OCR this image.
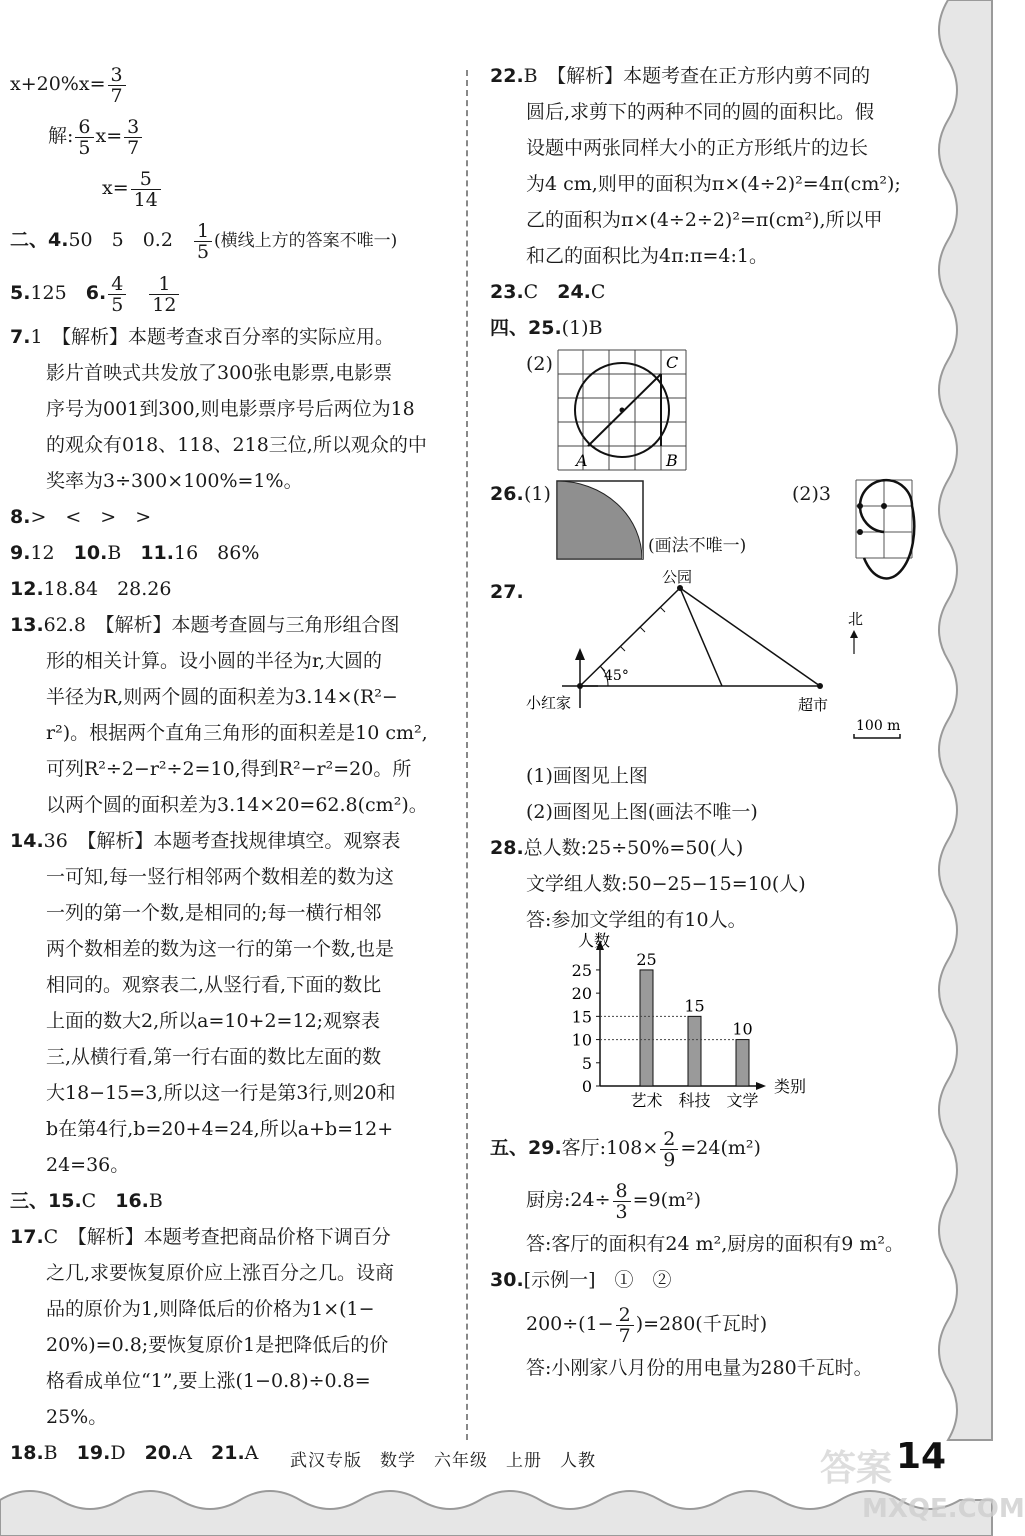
$x+20\%x= \frac{3}{7}$
解: $\frac{6}{5} x= \frac{3}{7}$
$x= \frac{5}{14}$
二、4.50　5　0.2　 $\frac{1}{5}$ (横线上方的答案不唯一)
5.125　 6. $\frac{4}{5}$
　 $\frac{1}{12}$
7.1　【解析】本题考查求百分率的实际应用。
影片首映式共发放了300张电影票,电影票
序号为001到300,则电影票序号后两位为18
的观众有018、118、218三位,所以观众的中
奖率为3÷300×100%=1%。
8.>　<　>　>
9.12　 10.B　 11.16　86%
12.18.84　28.26
13.62.8　【解析】本题考查圆与三角形组合图
形的相关计算。设小圆的半径为r,大圆的
半径为R,则两个圆的面积差为3.14×(R²−
r²)。根据两个直角三角形的面积差是10 cm²,
可列R²÷2−r²÷2=10,得到R²−r²=20。所
以两个圆的面积差为3.14×20=62.8(cm²)。
14.36　【解析】本题考查找规律填空。观察表
一可知,每一竖行相邻两个数相差的数为这
一列的第一个数,是相同的;每一横行相邻
两个数相差的数为这一行的第一个数,也是
相同的。观察表二,从竖行看,下面的数比
上面的数大2,所以a=10+2=12;观察表
三,从横行看,第一行右面的数比左面的数
大18−15=3,所以这一行是第3行,则20和
b在第4行,b=20+4=24,所以a+b=12+
24=36。
三、15.C　 16.B
17.C　【解析】本题考查把商品价格下调百分
之几,求要恢复原价应上涨百分之几。设商
品的原价为1,则降低后的价格为1×(1−
20%)=0.8;要恢复原价1是把降低后的价
格看成单位“1”,要上涨(1−0.8)÷0.8=
25%。
18.B　 19.D　 20.A　 21.A
22.B　【解析】本题考查在正方形内剪不同的
圆后,求剪下的两种不同的圆的面积比。假
设题中两张同样大小的正方形纸片的边长
为4 cm,则甲的面积为π×(4÷2)²=4π(cm²);
乙的面积为π×(4÷2÷2)²=π(cm²),所以甲
和乙的面积比为4π:π=4:1。
23.C　 24.C
四、25.(1)B
(2)	C
A	B
26. (1)
(画法不唯一)
(2)3
27.
公园
小红家	超市
45°
北
100 m
(1)画图见上图
(2)画图见上图(画法不唯一)
28.总人数:25÷50%=50(人)
文学组人数:50−25−15=10(人)
答:参加文学组的有10人。
人数
类别
0
5
10
15
20
25
25
艺术
15
科技
10
文学
五、29.客厅:108× $\frac{2}{9} =24(m^2)$
厨房:24÷ $\frac{8}{3} =9(m^2)$
答:客厅的面积有24 m²,厨房的面积有9 m²。
30.[示例一]　①　②
$200\div(1- \frac{2}{7} )=280$(千瓦时)
答:小刚家八月份的用电量为280千瓦时。
武汉专版　数学　六年级　上册　人教	答案 14
MXQE.COM
